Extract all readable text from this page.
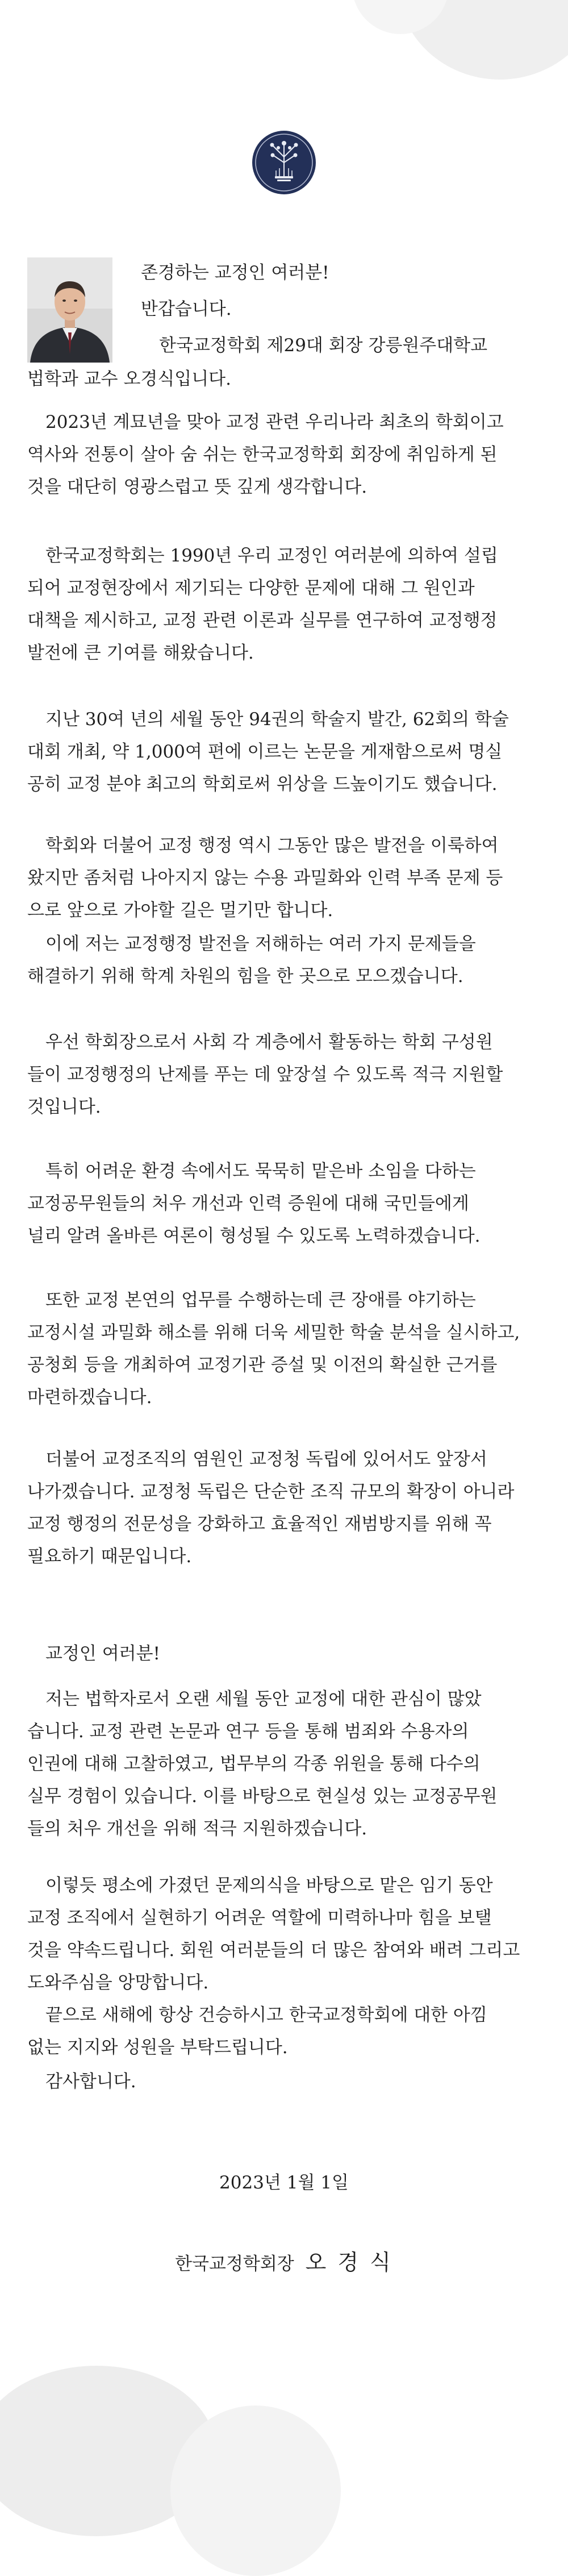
존경하는 교정인 여러분!

반갑습니다.

한국교정학회 제29대 회장 강릉원주대학교

법학과 교수 오경식입니다.

2023년 계묘년을 맞아 교정 관련 우리나라 최초의 학회이고
역사와 전통이 살아 숨 쉬는 한국교정학회 회장에 취임하게 된
것을 대단히 영광스럽고 뜻 깊게 생각합니다.

한국교정학회는 1990년 우리 교정인 여러분에 의하여 설립
되어 교정현장에서 제기되는 다양한 문제에 대해 그 원인과
대책을 제시하고, 교정 관련 이론과 실무를 연구하여 교정행정
발전에 큰 기여를 해왔습니다.

지난 30여 년의 세월 동안 94권의 학술지 발간, 62회의 학술
대회 개최, 약 1,000여 편에 이르는 논문을 게재함으로써 명실
공히 교정 분야 최고의 학회로써 위상을 드높이기도 했습니다.

학회와 더불어 교정 행정 역시 그동안 많은 발전을 이룩하여
왔지만 좀처럼 나아지지 않는 수용 과밀화와 인력 부족 문제 등
으로 앞으로 가야할 길은 멀기만 합니다.

이에 저는 교정행정 발전을 저해하는 여러 가지 문제들을
해결하기 위해 학계 차원의 힘을 한 곳으로 모으겠습니다.

우선 학회장으로서 사회 각 계층에서 활동하는 학회 구성원
들이 교정행정의 난제를 푸는 데 앞장설 수 있도록 적극 지원할
것입니다.

특히 어려운 환경 속에서도 묵묵히 맡은바 소임을 다하는
교정공무원들의 처우 개선과 인력 증원에 대해 국민들에게
널리 알려 올바른 여론이 형성될 수 있도록 노력하겠습니다.

또한 교정 본연의 업무를 수행하는데 큰 장애를 야기하는
교정시설 과밀화 해소를 위해 더욱 세밀한 학술 분석을 실시하고,
공청회 등을 개최하여 교정기관 증설 및 이전의 확실한 근거를
마련하겠습니다.

더불어 교정조직의 염원인 교정청 독립에 있어서도 앞장서
나가겠습니다. 교정청 독립은 단순한 조직 규모의 확장이 아니라
교정 행정의 전문성을 강화하고 효율적인 재범방지를 위해 꼭
필요하기 때문입니다.

교정인 여러분!

저는 법학자로서 오랜 세월 동안 교정에 대한 관심이 많았
습니다. 교정 관련 논문과 연구 등을 통해 범죄와 수용자의
인권에 대해 고찰하였고, 법무부의 각종 위원을 통해 다수의
실무 경험이 있습니다. 이를 바탕으로 현실성 있는 교정공무원
들의 처우 개선을 위해 적극 지원하겠습니다.

이렇듯 평소에 가졌던 문제의식을 바탕으로 맡은 임기 동안
교정 조직에서 실현하기 어려운 역할에 미력하나마 힘을 보탤
것을 약속드립니다. 회원 여러분들의 더 많은 참여와 배려 그리고
도와주심을 앙망합니다.

끝으로 새해에 항상 건승하시고 한국교정학회에 대한 아낌
없는 지지와 성원을 부탁드립니다.

감사합니다.

2023년 1월 1일
한국교정학회장 오 경 식
